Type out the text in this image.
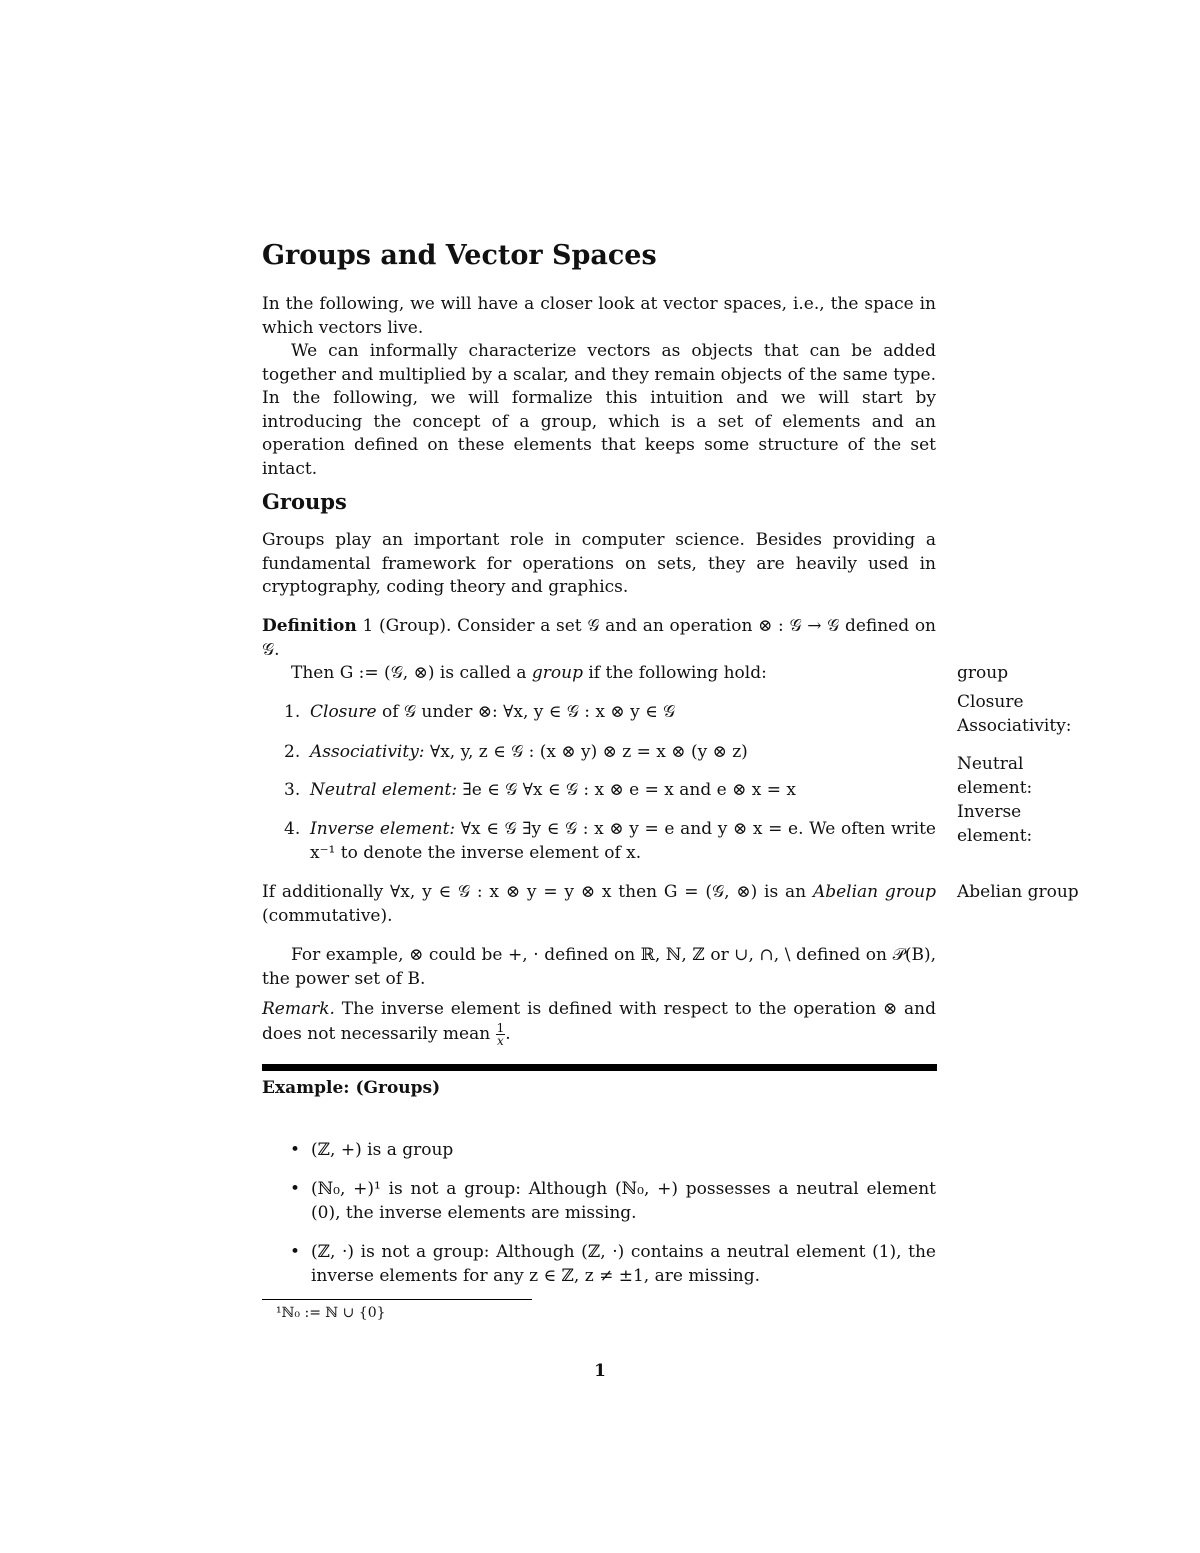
Groups and Vector Spaces

In the following, we will have a closer look at vector spaces, i.e., the space in which vectors live.

We can informally characterize vectors as objects that can be added together and multiplied by a scalar, and they remain objects of the same type. In the following, we will formalize this intuition and we will start by introducing the concept of a group, which is a set of elements and an operation defined on these elements that keeps some structure of the set intact.

Groups

Groups play an important role in computer science. Besides providing a fundamental framework for operations on sets, they are heavily used in cryptography, coding theory and graphics.

Definition 1 (Group). Consider a set 𝒢 and an operation ⊗ : 𝒢 → 𝒢 defined on 𝒢.

Then G := (𝒢, ⊗) is called a group if the following hold:

1. Closure of 𝒢 under ⊗: ∀x, y ∈ 𝒢 : x ⊗ y ∈ 𝒢
2. Associativity: ∀x, y, z ∈ 𝒢 : (x ⊗ y) ⊗ z = x ⊗ (y ⊗ z)
3. Neutral element: ∃e ∈ 𝒢 ∀x ∈ 𝒢 : x ⊗ e = x and e ⊗ x = x
4. Inverse element: ∀x ∈ 𝒢 ∃y ∈ 𝒢 : x ⊗ y = e and y ⊗ x = e. We often write x⁻¹ to denote the inverse element of x.

If additionally ∀x, y ∈ 𝒢 : x ⊗ y = y ⊗ x then G = (𝒢, ⊗) is an Abelian group (commutative).

For example, ⊗ could be +, · defined on ℝ, ℕ, ℤ or ∪, ∩, \ defined on 𝒫(B), the power set of B.

Remark. The inverse element is defined with respect to the operation ⊗ and does not necessarily mean $\frac{1}{x}$ .

group
Closure
Associativity:
Neutral element:
Inverse element:
Abelian group
Example: (Groups)
• (ℤ, +) is a group
• (ℕ₀, +)¹ is not a group: Although (ℕ₀, +) possesses a neutral element (0), the inverse elements are missing.
• (ℤ, ·) is not a group: Although (ℤ, ·) contains a neutral element (1), the inverse elements for any z ∈ ℤ, z ≠ ±1, are missing.
¹ℕ₀ := ℕ ∪ {0}
1
